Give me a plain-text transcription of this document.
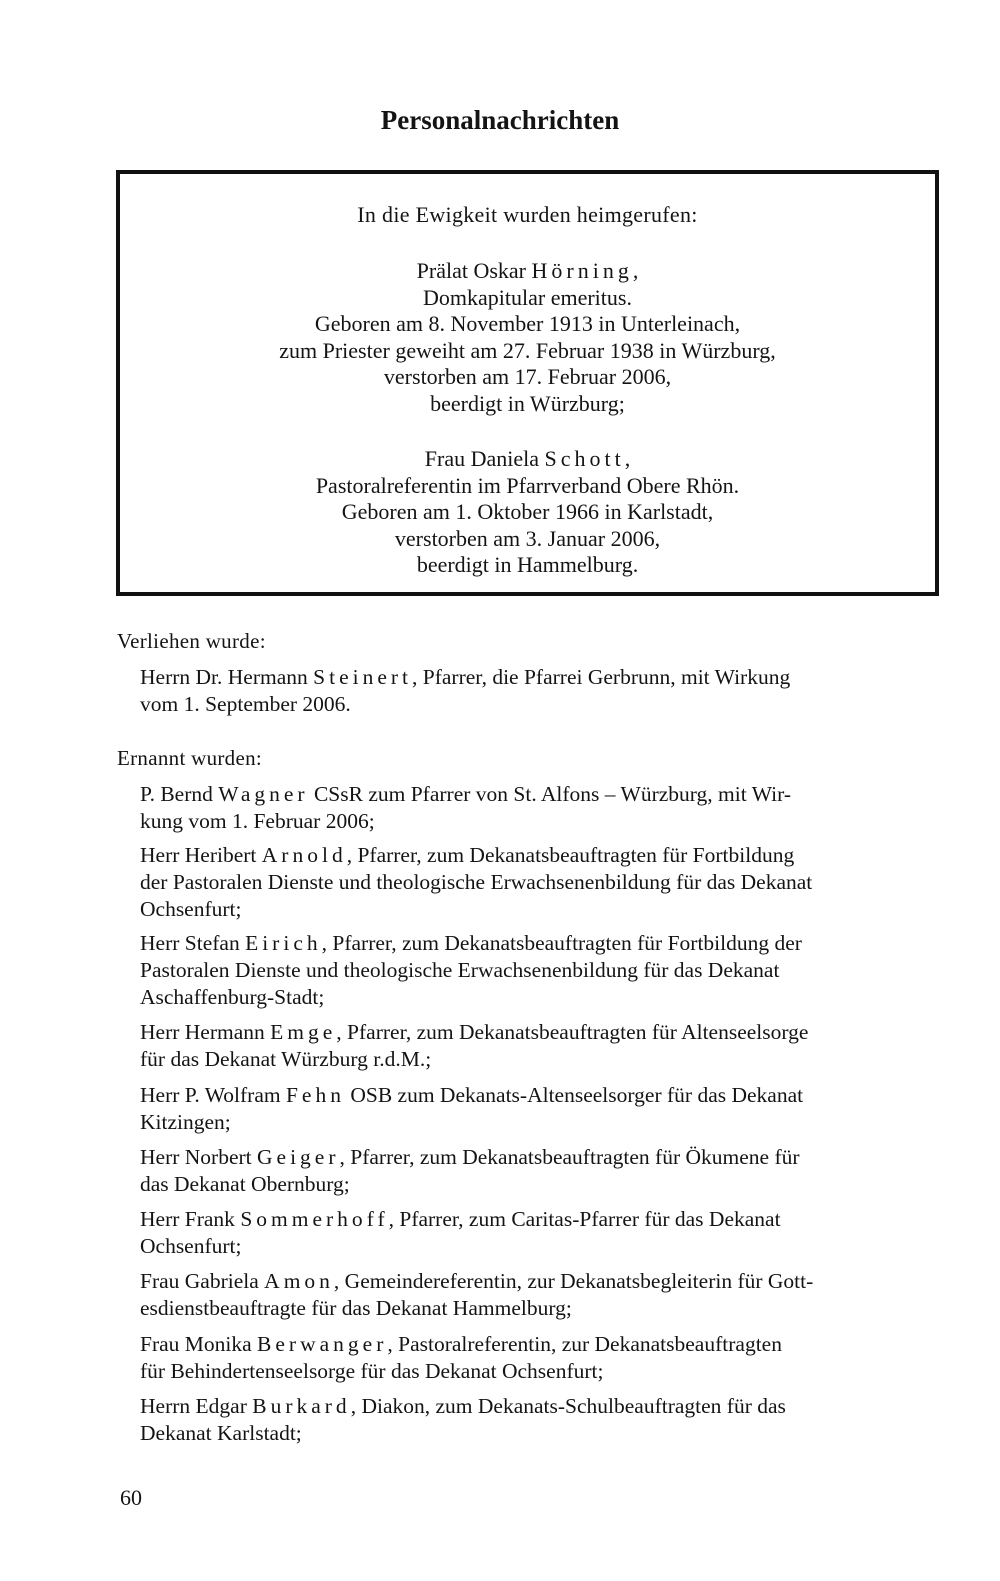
Personalnachrichten
In die Ewigkeit wurden heimgerufen:
Prälat Oskar Hörning,
Domkapitular emeritus.
Geboren am 8. November 1913 in Unterleinach,
zum Priester geweiht am 27. Februar 1938 in Würzburg,
verstorben am 17. Februar 2006,
beerdigt in Würzburg;
Frau Daniela Schott,
Pastoralreferentin im Pfarrverband Obere Rhön.
Geboren am 1. Oktober 1966 in Karlstadt,
verstorben am 3. Januar 2006,
beerdigt in Hammelburg.
Verliehen wurde:
Herrn Dr. Hermann Steinert, Pfarrer, die Pfarrei Gerbrunn, mit Wirkung
vom 1. September 2006.
Ernannt wurden:
P. Bernd Wagner CSsR zum Pfarrer von St. Alfons – Würzburg, mit Wir-
kung vom 1. Februar 2006;
Herr Heribert Arnold, Pfarrer, zum Dekanatsbeauftragten für Fortbildung
der Pastoralen Dienste und theologische Erwachsenenbildung für das Dekanat
Ochsenfurt;
Herr Stefan Eirich, Pfarrer, zum Dekanatsbeauftragten für Fortbildung der
Pastoralen Dienste und theologische Erwachsenenbildung für das Dekanat
Aschaffenburg-Stadt;
Herr Hermann Emge, Pfarrer, zum Dekanatsbeauftragten für Altenseelsorge
für das Dekanat Würzburg r.d.M.;
Herr P. Wolfram Fehn OSB zum Dekanats-Altenseelsorger für das Dekanat
Kitzingen;
Herr Norbert Geiger, Pfarrer, zum Dekanatsbeauftragten für Ökumene für
das Dekanat Obernburg;
Herr Frank Sommerhoff, Pfarrer, zum Caritas-Pfarrer für das Dekanat
Ochsenfurt;
Frau Gabriela Amon, Gemeindereferentin, zur Dekanatsbegleiterin für Gott-
esdienstbeauftragte für das Dekanat Hammelburg;
Frau Monika Berwanger, Pastoralreferentin, zur Dekanatsbeauftragten
für Behindertenseelsorge für das Dekanat Ochsenfurt;
Herrn Edgar Burkard, Diakon, zum Dekanats-Schulbeauftragten für das
Dekanat Karlstadt;
60
